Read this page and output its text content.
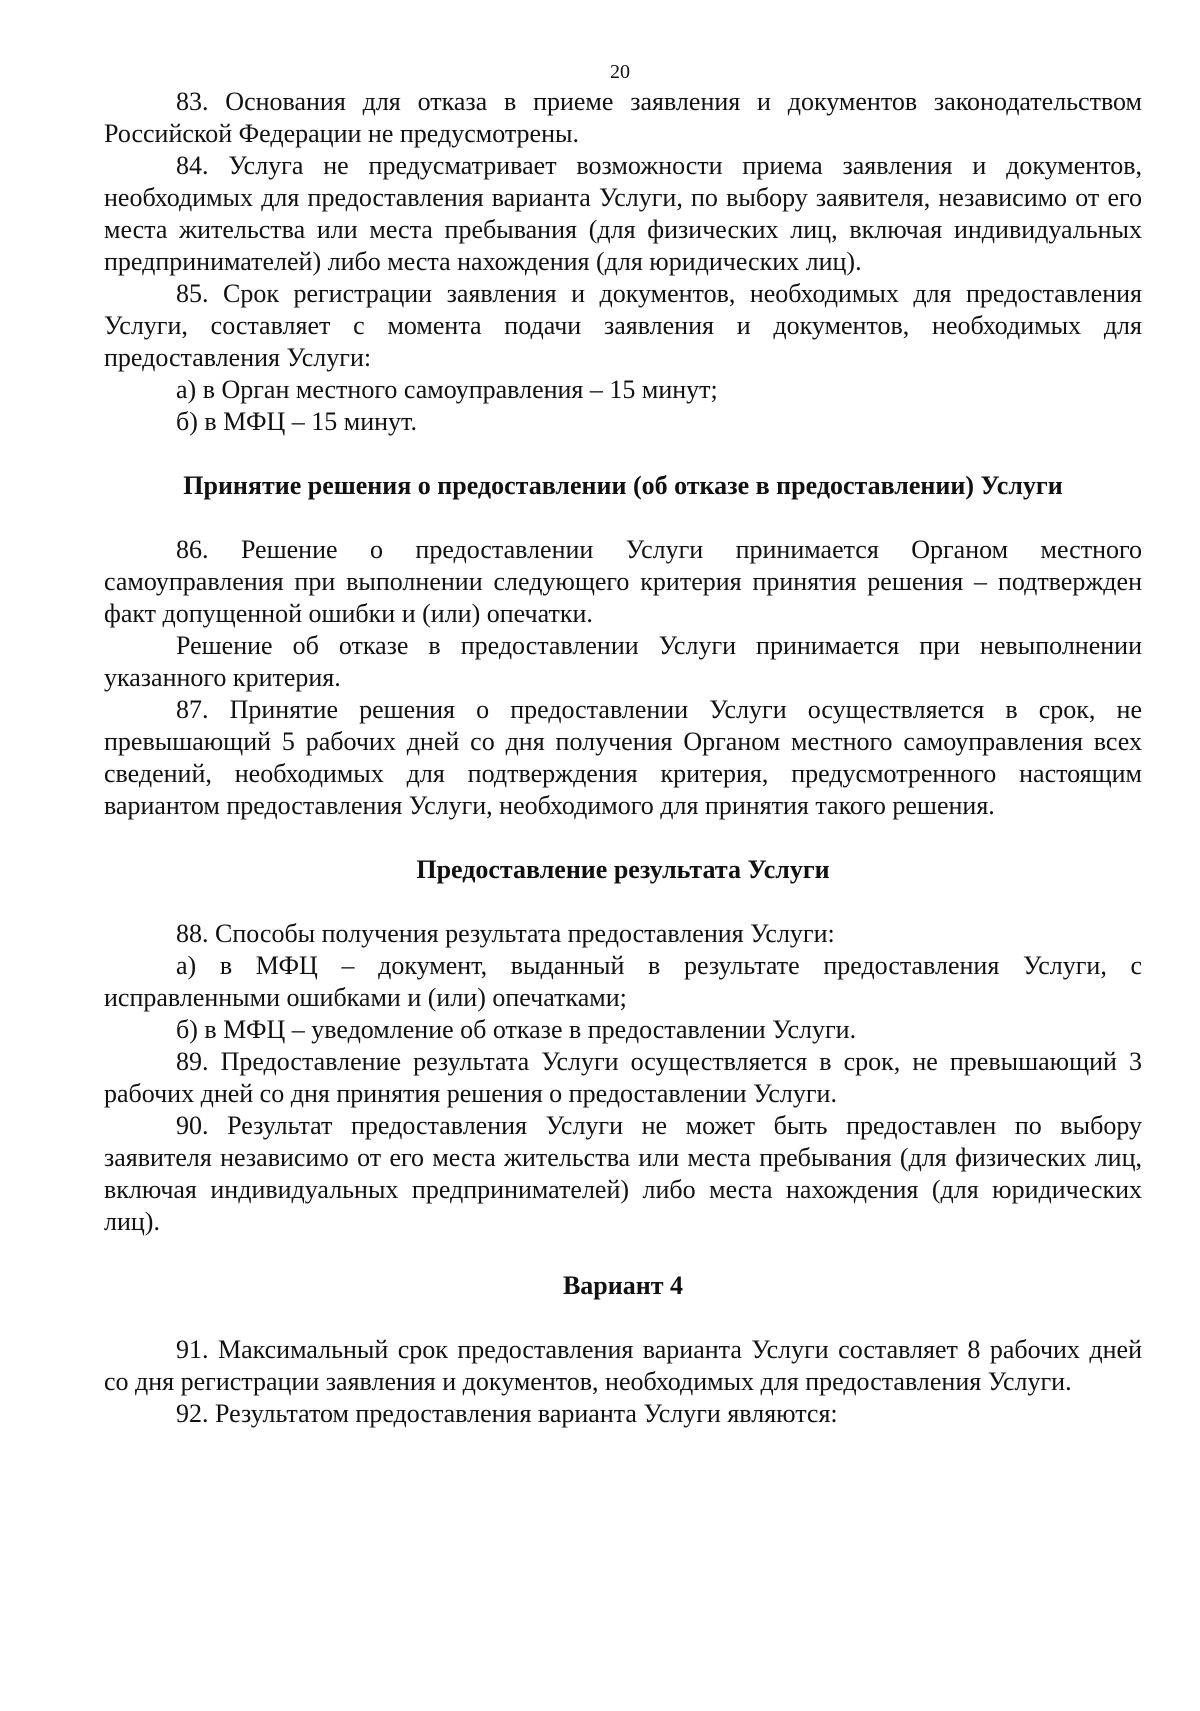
20

83. Основания для отказа в приеме заявления и документов законодательством Российской Федерации не предусмотрены.

84. Услуга не предусматривает возможности приема заявления и документов, необходимых для предоставления варианта Услуги, по выбору заявителя, независимо от его места жительства или места пребывания (для физических лиц, включая индивидуальных предпринимателей) либо места нахождения (для юридических лиц).

85. Срок регистрации заявления и документов, необходимых для предоставления Услуги, составляет с момента подачи заявления и документов, необходимых для предоставления Услуги:

а) в Орган местного самоуправления – 15 минут;

б) в МФЦ – 15 минут.

Принятие решения о предоставлении (об отказе в предоставлении) Услуги

86. Решение о предоставлении Услуги принимается Органом местного самоуправления при выполнении следующего критерия принятия решения – подтвержден факт допущенной ошибки и (или) опечатки.

Решение об отказе в предоставлении Услуги принимается при невыполнении указанного критерия.

87. Принятие решения о предоставлении Услуги осуществляется в срок, не превышающий 5 рабочих дней со дня получения Органом местного самоуправления всех сведений, необходимых для подтверждения критерия, предусмотренного настоящим вариантом предоставления Услуги, необходимого для принятия такого решения.

Предоставление результата Услуги

88. Способы получения результата предоставления Услуги:

а) в МФЦ – документ, выданный в результате предоставления Услуги, с исправленными ошибками и (или) опечатками;

б) в МФЦ – уведомление об отказе в предоставлении Услуги.

89. Предоставление результата Услуги осуществляется в срок, не превышающий 3 рабочих дней со дня принятия решения о предоставлении Услуги.

90. Результат предоставления Услуги не может быть предоставлен по выбору заявителя независимо от его места жительства или места пребывания (для физических лиц, включая индивидуальных предпринимателей) либо места нахождения (для юридических лиц).

Вариант 4

91. Максимальный срок предоставления варианта Услуги составляет 8 рабочих дней со дня регистрации заявления и документов, необходимых для предоставления Услуги.

92. Результатом предоставления варианта Услуги являются:
